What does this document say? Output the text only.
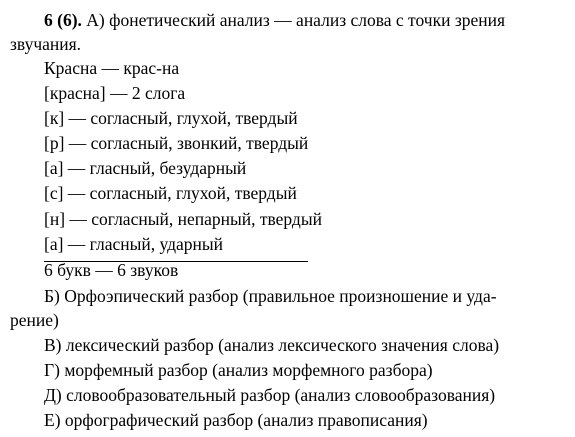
6 (6). А) фонетический анализ — анализ слова с точки зрения
звучания.
Красна — крас-на
[красна] — 2 слога
[к] — согласный, глухой, твердый
[р] — согласный, звонкий, твердый
[а] — гласный, безударный
[с] — согласный, глухой, твердый
[н] — согласный, непарный, твердый
[а] — гласный, ударный
6 букв — 6 звуков
Б) Орфоэпический разбор (правильное произношение и уда-
рение)
В) лексический разбор (анализ лексического значения слова)
Г) морфемный разбор (анализ морфемного разбора)
Д) словообразовательный разбор (анализ словообразования)
Е) орфографический разбор (анализ правописания)
